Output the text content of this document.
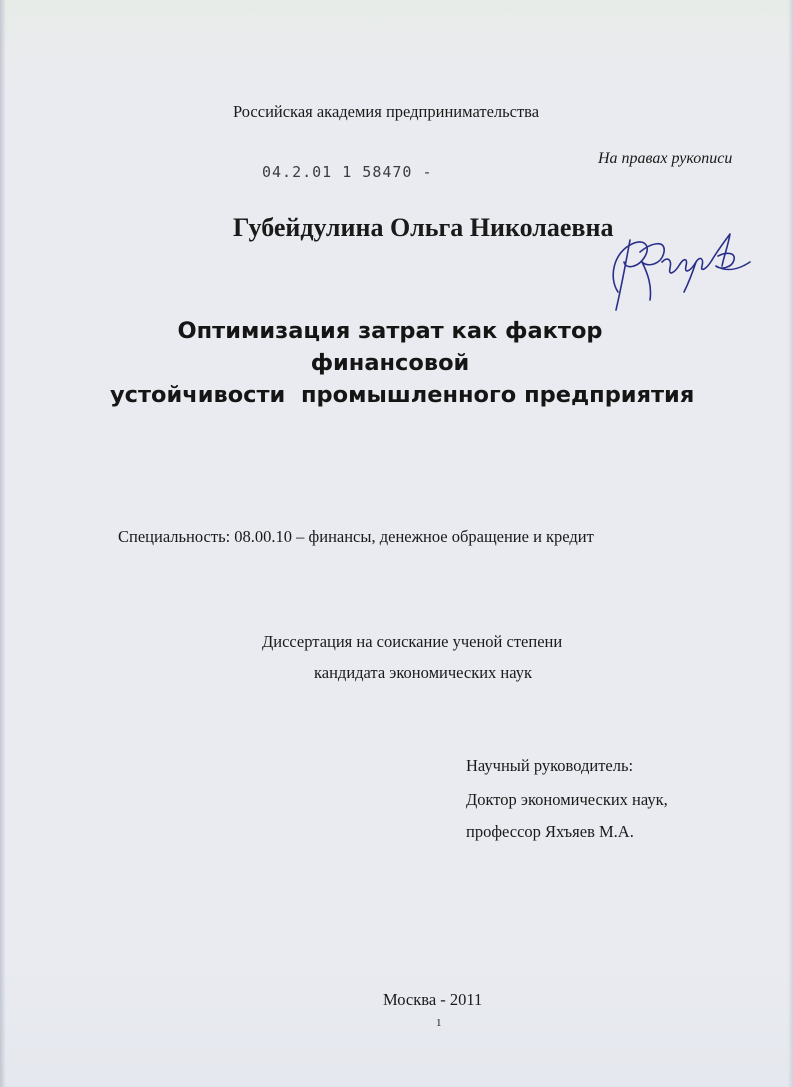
Российская академия предпринимательства
04.2.01 1 58470 -
На правах рукописи
Губейдулина Ольга Николаевна
Оптимизация затрат как фактор финансовой
устойчивости  промышленного предприятия
Специальность: 08.00.10 – финансы, денежное обращение и кредит
Диссертация на соискание ученой степени
кандидата экономических наук
Научный руководитель:
Доктор экономических наук,
профессор Яхъяев М.А.
Москва - 2011
1
